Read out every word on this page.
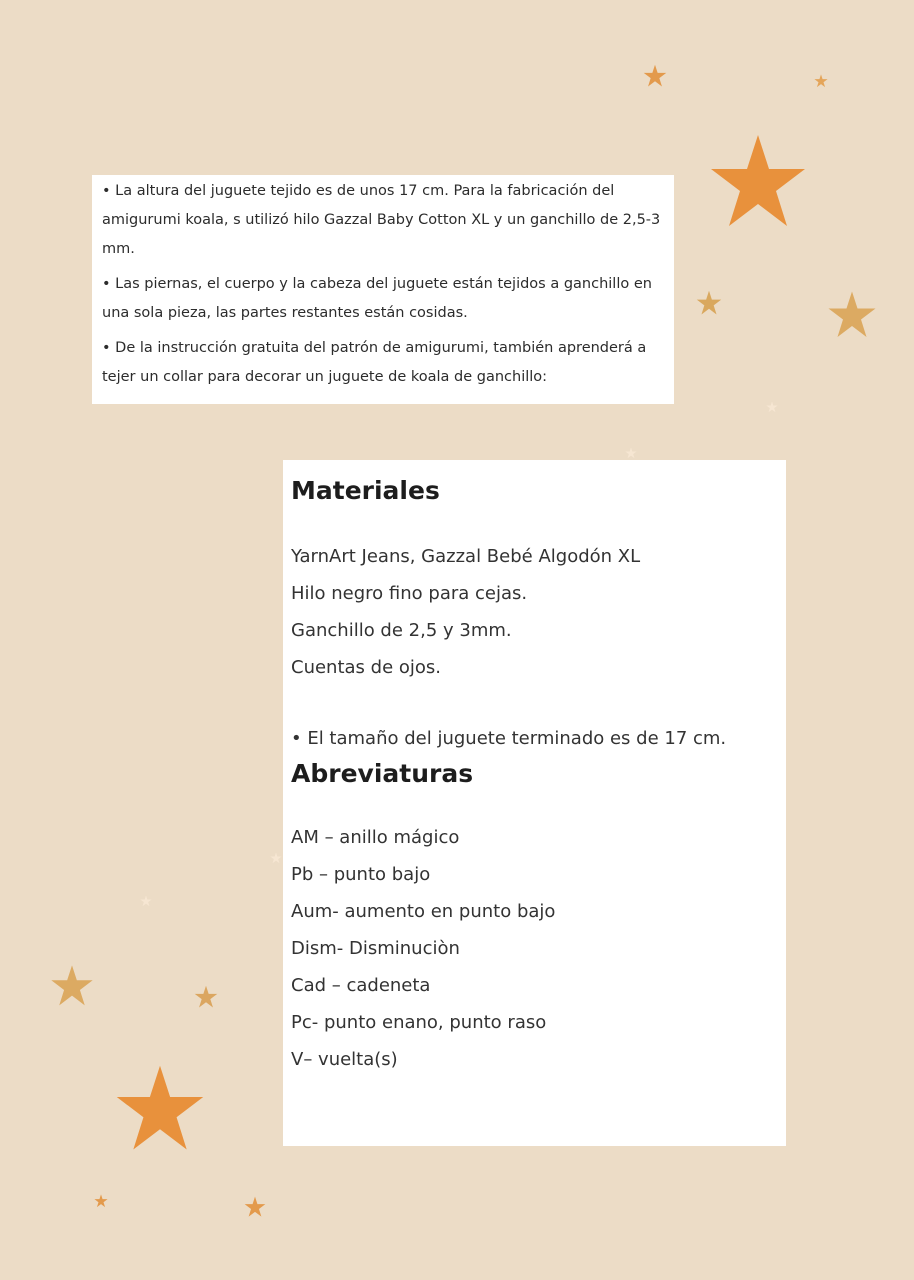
• La altura del juguete tejido es de unos 17 cm. Para la fabricación del amigurumi koala, s utilizó hilo Gazzal Baby Cotton XL y un ganchillo de 2,5-3 mm.

• Las piernas, el cuerpo y la cabeza del juguete están tejidos a ganchillo en una sola pieza, las partes restantes están cosidas.

• De la instrucción gratuita del patrón de amigurumi, también aprenderá a tejer un collar para decorar un juguete de koala de ganchillo:

Materiales
YarnArt Jeans, Gazzal Bebé Algodón XL
Hilo negro fino para cejas.
Ganchillo de 2,5 y 3mm.
Cuentas de ojos.
• El tamaño del juguete terminado es de 17 cm.
Abreviaturas
AM – anillo mágico
Pb – punto bajo
Aum- aumento en punto bajo
Dism- Disminuciòn
Cad – cadeneta
Pc- punto enano, punto raso
V– vuelta(s)
